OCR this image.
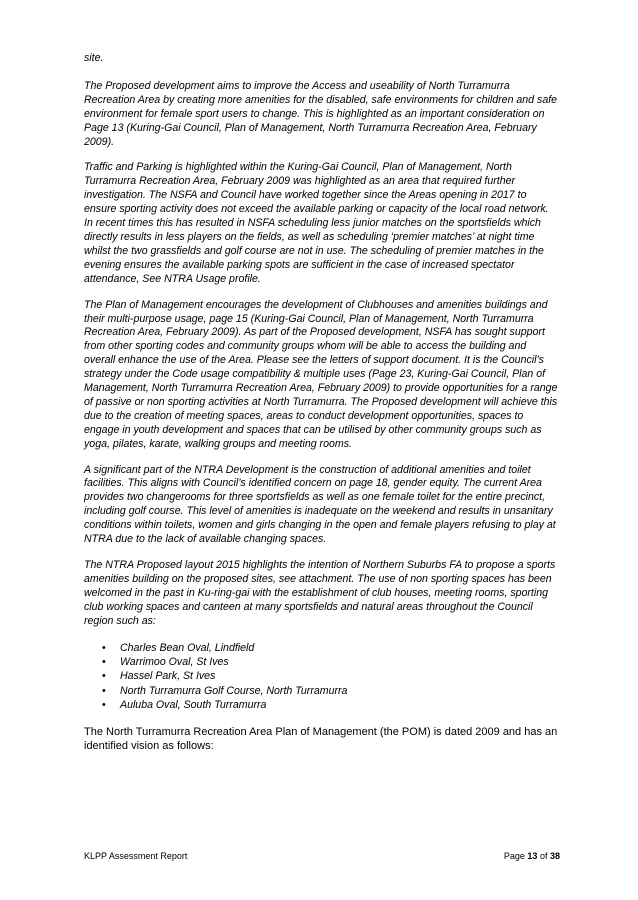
site.

The Proposed development aims to improve the Access and useability of North Turramurra Recreation Area by creating more amenities for the disabled, safe environments for children and safe environment for female sport users to change. This is highlighted as an important consideration on Page 13 (Kuring-Gai Council, Plan of Management, North Turramurra Recreation Area, February 2009).

Traffic and Parking is highlighted within the Kuring-Gai Council, Plan of Management, North Turramurra Recreation Area, February 2009 was highlighted as an area that required further investigation. The NSFA and Council have worked together since the Areas opening in 2017 to ensure sporting activity does not exceed the available parking or capacity of the local road network. In recent times this has resulted in NSFA scheduling less junior matches on the sportsfields which directly results in less players on the fields, as well as scheduling ‘premier matches’ at night time whilst the two grassfields and golf course are not in use. The scheduling of premier matches in the evening ensures the available parking spots are sufficient in the case of increased spectator attendance, See NTRA Usage profile.

The Plan of Management encourages the development of Clubhouses and amenities buildings and their multi-purpose usage, page 15 (Kuring-Gai Council, Plan of Management, North Turramurra Recreation Area, February 2009). As part of the Proposed development, NSFA has sought support from other sporting codes and community groups whom will be able to access the building and overall enhance the use of the Area. Please see the letters of support document. It is the Council’s strategy under the Code usage compatibility & multiple uses (Page 23, Kuring-Gai Council, Plan of Management, North Turramurra Recreation Area, February 2009) to provide opportunities for a range of passive or non sporting activities at North Turramurra. The Proposed development will achieve this due to the creation of meeting spaces, areas to conduct development opportunities, spaces to engage in youth development and spaces that can be utilised by other community groups such as yoga, pilates, karate, walking groups and meeting rooms.

A significant part of the NTRA Development is the construction of additional amenities and toilet facilities. This aligns with Council’s identified concern on page 18, gender equity. The current Area provides two changerooms for three sportsfields as well as one female toilet for the entire precinct, including golf course. This level of amenities is inadequate on the weekend and results in unsanitary conditions within toilets, women and girls changing in the open and female players refusing to play at NTRA due to the lack of available changing spaces.

The NTRA Proposed layout 2015 highlights the intention of Northern Suburbs FA to propose a sports amenities building on the proposed sites, see attachment. The use of non sporting spaces has been welcomed in the past in Ku-ring-gai with the establishment of club houses, meeting rooms, sporting club working spaces and canteen at many sportsfields and natural areas throughout the Council region such as:

• Charles Bean Oval, Lindfield
• Warrimoo Oval, St Ives
• Hassel Park, St Ives
• North Turramurra Golf Course, North Turramurra
• Auluba Oval, South Turramurra

The North Turramurra Recreation Area Plan of Management (the POM) is dated 2009 and has an identified vision as follows:

KLPP Assessment Report	Page 13 of 38
